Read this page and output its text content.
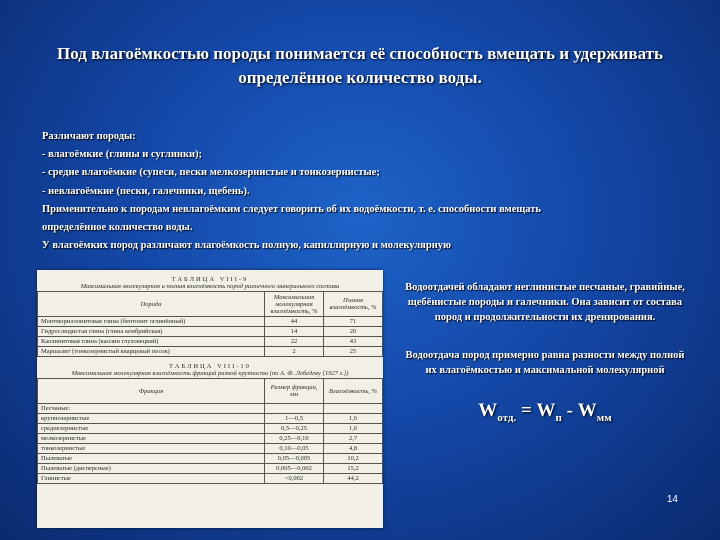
Под влагоёмкостью породы понимается её способность вмещать и удерживать определённое количество воды.
Различают породы:
- влагоёмкие (глины и суглинки);
- средне влагоёмкие (супеси, пески мелкозернистые и тонкозернистые;
- невлагоёмкие (пески, галечники, щебень).
Применительно к породам невлагоёмким следует говорить об их водоёмкости, т. е. способности вмещать
определённое количество воды.
У влагоёмких пород различают влагоёмкость полную, капиллярную и молекулярную
ТАБЛИЦА VIII-9
Максимальная молекулярная и полная влагоёмкость пород различного минерального состава
Порода	Максимальная молекулярная влагоёмкость, %	Полная влагоёмкость, %
Монтмориллонитовая глина (бентонит оглинённый)	44	71
Гидрослюдистая глина (глина кембрийская)	14	20
Каолинитовая глина (каолин глуховецкий)	22	43
Маршалит (тонкозернистый кварцевый песок)	2	25
ТАБЛИЦА VIII-10
Максимальная молекулярная влагоёмкость фракций разной крупности (по А. Ф. Лебедеву [1927 г.])
Фракция	Размер фракции, мм	Влагоёмкость, %
Песчаные:		
крупнозернистые	1—0,5	1,6
среднезернистые	0,5—0,25	1,6
мелкозернистые	0,25—0,10	2,7
тонкозернистые	0,10—0,05	4,8
Пылеватые	0,05—0,005	10,2
Пылеватые (дисперсные)	0,005—0,002	15,2
Глинистые	<0,002	44,2
Водоотдачей обладают неглинистые песчаные, гравийные, щебёнистые породы и галечники. Она зависит от состава пород и продолжительности их дренирования.
Водоотдача пород примерно равна разности между полной их влагоёмкостью и максимальной молекулярной
$W_{отд.} = W_п - W_{мм}$
14
